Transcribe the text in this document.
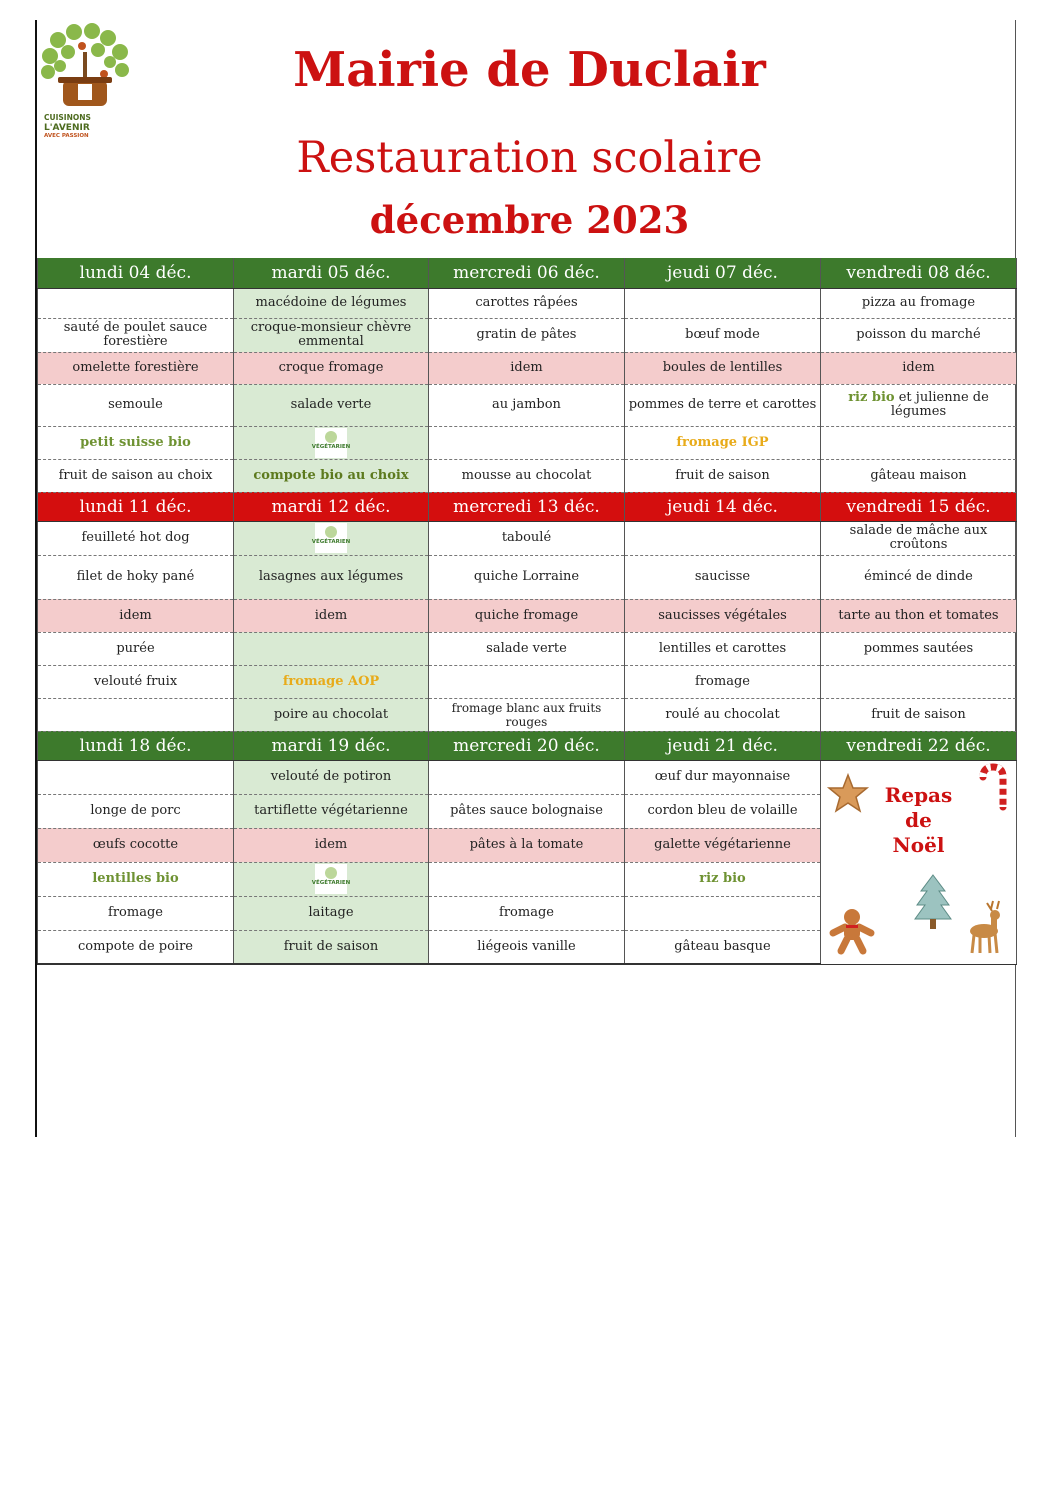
CUISINONS
L'AVENIR
AVEC PASSION
Mairie de Duclair
Restauration scolaire
décembre 2023
lundi 04 déc.	mardi 05 déc.	mercredi 06 déc.	jeudi 07 déc.	vendredi 08 déc.
	macédoine de légumes	carottes râpées		pizza au fromage
sauté de poulet sauce forestière	croque-monsieur chèvre emmental	gratin de pâtes	bœuf mode	poisson du marché
omelette forestière	croque fromage	idem	boules de lentilles	idem
semoule	salade verte	au jambon	pommes de terre et carottes	riz bio et julienne de légumes
petit suisse bio	VÉGÉTARIEN		fromage IGP	
fruit de saison au choix	compote bio au choix	mousse au chocolat	fruit de saison	gâteau maison
lundi 11 déc.	mardi 12 déc.	mercredi 13 déc.	jeudi 14 déc.	vendredi 15 déc.
feuilleté hot dog	VÉGÉTARIEN	taboulé		salade de mâche aux croûtons
filet de hoky pané	lasagnes aux légumes	quiche Lorraine	saucisse	émincé de dinde
idem	idem	quiche fromage	saucisses végétales	tarte au thon et tomates
purée		salade verte	lentilles et carottes	pommes sautées
velouté fruix	fromage AOP		fromage	
	poire au chocolat	fromage blanc aux fruits rouges	roulé au chocolat	fruit de saison
lundi 18 déc.	mardi 19 déc.	mercredi 20 déc.	jeudi 21 déc.	vendredi 22 déc.
	velouté de potiron		œuf dur mayonnaise	Repas
de
Noël

longe de porc	tartiflette végétarienne	pâtes sauce bolognaise	cordon bleu de volaille	
œufs cocotte	idem	pâtes à la tomate	galette végétarienne	
lentilles bio	VÉGÉTARIEN		riz bio	
fromage	laitage	fromage		
compote de poire	fruit de saison	liégeois vanille	gâteau basque	
